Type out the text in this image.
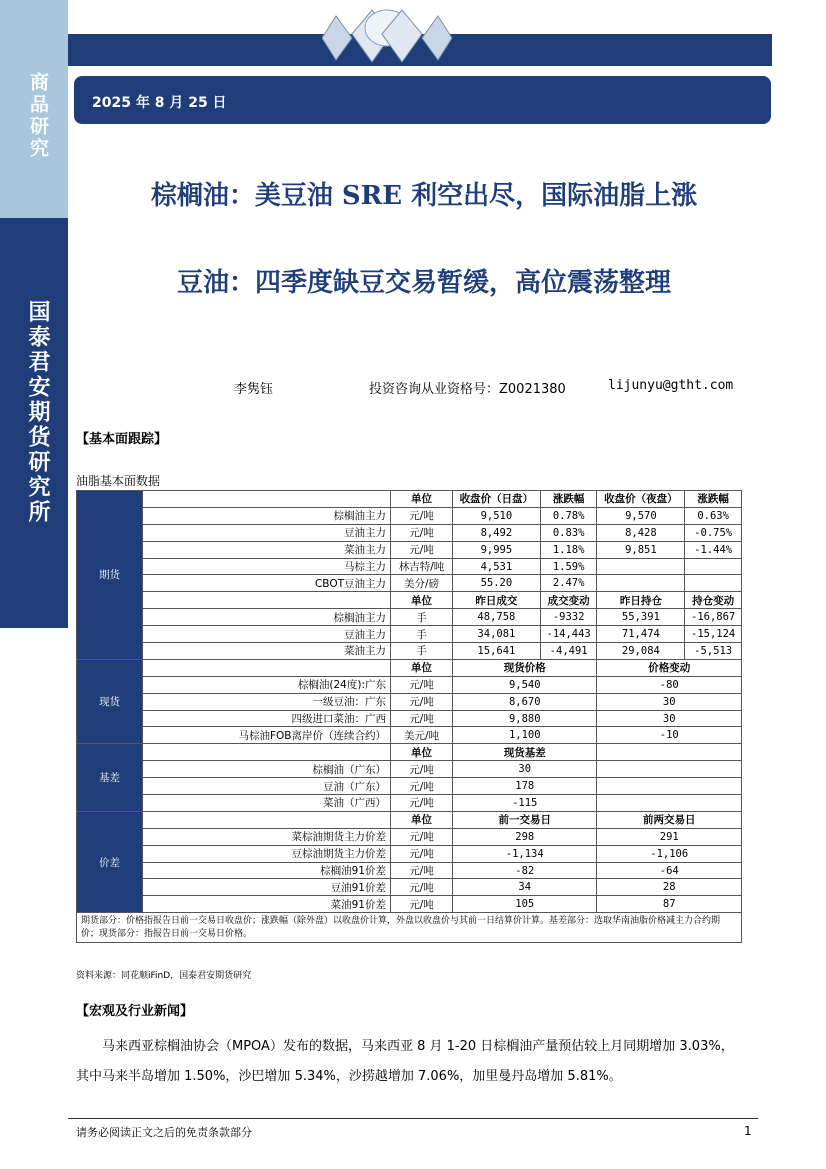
商品研究
国泰君安期货研究所
2025 年 8 月 25 日
棕榈油：美豆油 SRE 利空出尽，国际油脂上涨
豆油：四季度缺豆交易暂缓，高位震荡整理
李隽钰	投资咨询从业资格号：Z0021380	lijunyu@gtht.com
【基本面跟踪】
油脂基本面数据
期货		单位	收盘价（日盘）	涨跌幅	收盘价（夜盘）	涨跌幅
	棕榈油主力	元/吨	9,510	0.78%	9,570	0.63%
	豆油主力	元/吨	8,492	0.83%	8,428	-0.75%
	菜油主力	元/吨	9,995	1.18%	9,851	-1.44%
	马棕主力	林吉特/吨	4,531	1.59%		
	CBOT豆油主力	美分/磅	55.20	2.47%		
		单位	昨日成交	成交变动	昨日持仓	持仓变动
	棕榈油主力	手	48,758	-9332	55,391	-16,867
	豆油主力	手	34,081	-14,443	71,474	-15,124
	菜油主力	手	15,641	-4,491	29,084	-5,513
现货		单位	现货价格		价格变动	
	棕榈油(24度):广东	元/吨	9,540		-80	
	一级豆油：广东	元/吨	8,670		30	
	四级进口菜油：广西	元/吨	9,880		30	
	马棕油FOB离岸价（连续合约）	美元/吨	1,100		-10	
基差		单位	现货基差			
	棕榈油（广东）	元/吨	30			
	豆油（广东）	元/吨	178			
	菜油（广西）	元/吨	-115			
价差		单位	前一交易日		前两交易日	
	菜棕油期货主力价差	元/吨	298		291	
	豆棕油期货主力价差	元/吨	-1,134		-1,106	
	棕榈油91价差	元/吨	-82		-64	
	豆油91价差	元/吨	34		28	
	菜油91价差	元/吨	105		87	
期货部分：价格指报告日前一交易日收盘价；涨跌幅（除外盘）以收盘价计算，外盘以收盘价与其前一日结算价计算。基差部分：选取华南油脂价格减主力合约期价；现货部分：指报告日前一交易日价格。						
资料来源：同花顺iFinD，国泰君安期货研究
【宏观及行业新闻】
马来西亚棕榈油协会（MPOA）发布的数据，马来西亚 8 月 1-20 日棕榈油产量预估较上月同期增加 3.03%，其中马来半岛增加 1.50%，沙巴增加 5.34%，沙捞越增加 7.06%，加里曼丹岛增加 5.81%。
请务必阅读正文之后的免责条款部分	1
